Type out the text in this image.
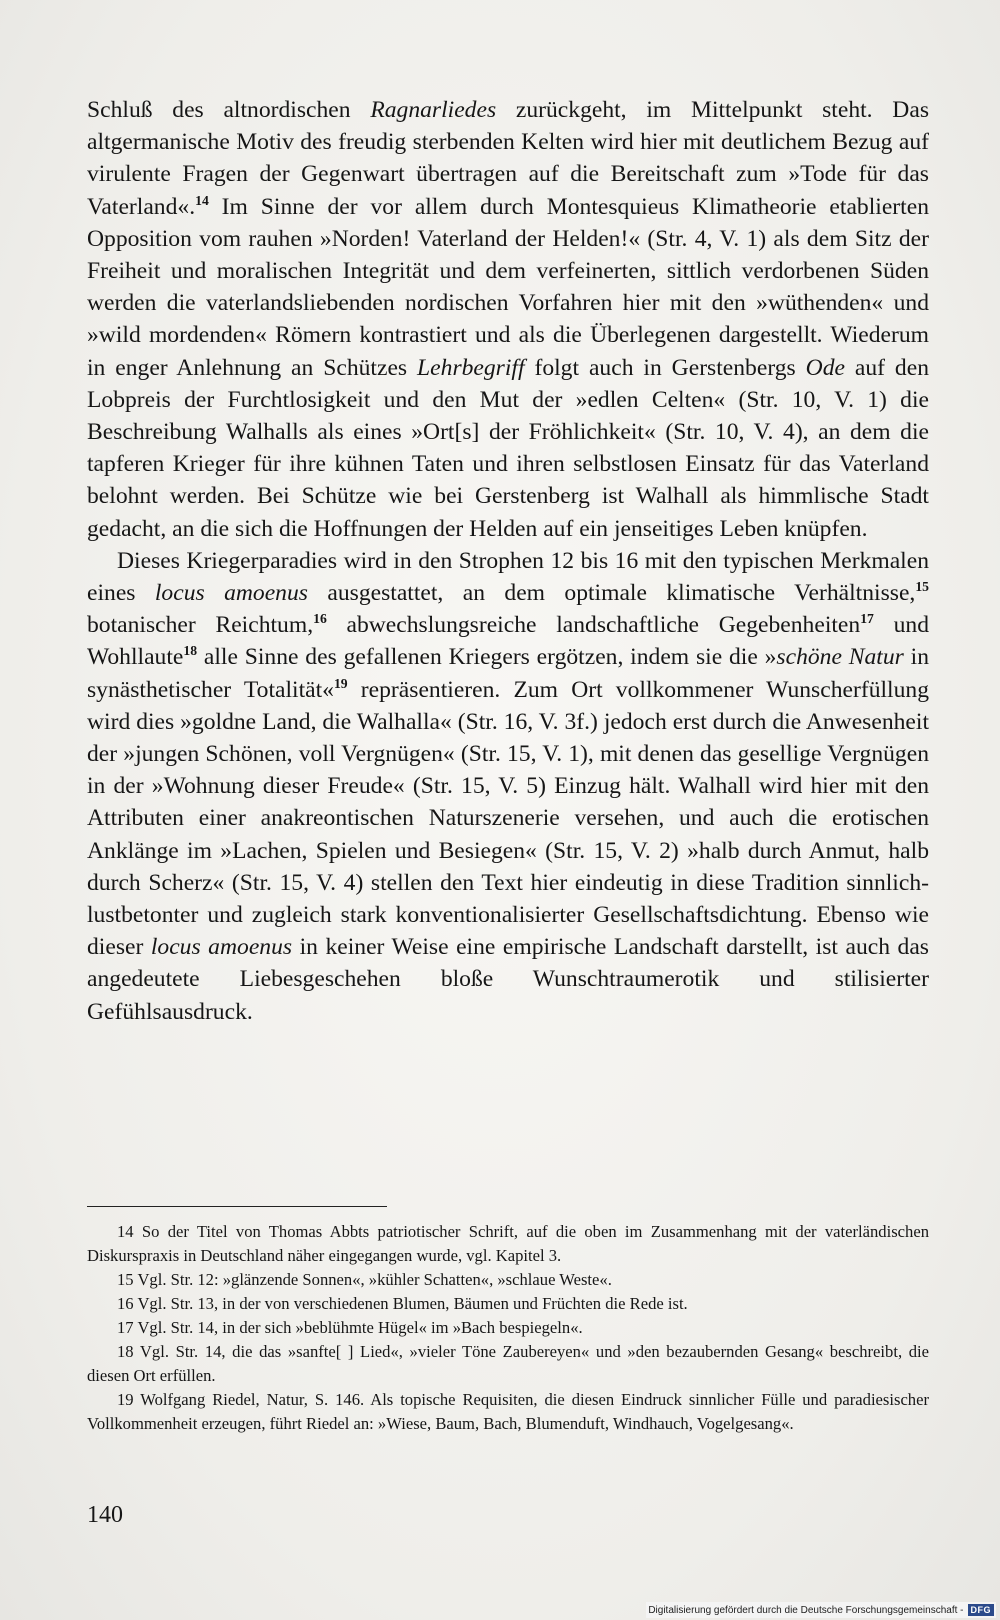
Schluß des altnordischen Ragnarliedes zurückgeht, im Mittelpunkt steht. Das altgermanische Motiv des freudig sterbenden Kelten wird hier mit deutlichem Bezug auf virulente Fragen der Gegenwart übertragen auf die Bereitschaft zum »Tode für das Vaterland«.$^{14}$ Im Sinne der vor allem durch Montesquieus Klimatheorie etablierten Opposition vom rauhen »Norden! Vaterland der Helden!« (Str. 4, V. 1) als dem Sitz der Freiheit und moralischen Integrität und dem verfeinerten, sittlich verdorbenen Süden werden die vaterlandsliebenden nordischen Vorfahren hier mit den »wüthenden« und »wild mordenden« Römern kontrastiert und als die Überlegenen dargestellt. Wiederum in enger Anlehnung an Schützes Lehrbegriff folgt auch in Gerstenbergs Ode auf den Lobpreis der Furchtlosigkeit und den Mut der »edlen Celten« (Str. 10, V. 1) die Beschreibung Walhalls als eines »Ort[s] der Fröhlichkeit« (Str. 10, V. 4), an dem die tapferen Krieger für ihre kühnen Taten und ihren selbstlosen Einsatz für das Vaterland belohnt werden. Bei Schütze wie bei Gerstenberg ist Walhall als himmlische Stadt gedacht, an die sich die Hoffnungen der Helden auf ein jenseitiges Leben knüpfen.

Dieses Kriegerparadies wird in den Strophen 12 bis 16 mit den typischen Merkmalen eines locus amoenus ausgestattet, an dem optimale klimatische Verhältnisse,$^{15}$ botanischer Reichtum,$^{16}$ abwechslungsreiche landschaftliche Gegebenheiten$^{17}$ und Wohllaute$^{18}$ alle Sinne des gefallenen Kriegers ergötzen, indem sie die »schöne Natur in synästhetischer Totalität«$^{19}$ repräsentieren. Zum Ort vollkommener Wunscherfüllung wird dies »goldne Land, die Walhalla« (Str. 16, V. 3f.) jedoch erst durch die Anwesenheit der »jungen Schönen, voll Vergnügen« (Str. 15, V. 1), mit denen das gesellige Vergnügen in der »Wohnung dieser Freude« (Str. 15, V. 5) Einzug hält. Walhall wird hier mit den Attributen einer anakreontischen Naturszenerie versehen, und auch die erotischen Anklänge im »Lachen, Spielen und Besiegen« (Str. 15, V. 2) »halb durch Anmut, halb durch Scherz« (Str. 15, V. 4) stellen den Text hier eindeutig in diese Tradition sinnlich-lustbetonter und zugleich stark konventionalisierter Gesellschaftsdichtung. Ebenso wie dieser locus amoenus in keiner Weise eine empirische Landschaft darstellt, ist auch das angedeutete Liebesgeschehen bloße Wunschtraumerotik und stilisierter Gefühlsausdruck.

14 So der Titel von Thomas Abbts patriotischer Schrift, auf die oben im Zusammenhang mit der vaterländischen Diskurspraxis in Deutschland näher eingegangen wurde, vgl. Kapitel 3.

15 Vgl. Str. 12: »glänzende Sonnen«, »kühler Schatten«, »schlaue Weste«.

16 Vgl. Str. 13, in der von verschiedenen Blumen, Bäumen und Früchten die Rede ist.

17 Vgl. Str. 14, in der sich »beblühmte Hügel« im »Bach bespiegeln«.

18 Vgl. Str. 14, die das »sanfte[ ] Lied«, »vieler Töne Zaubereyen« und »den bezaubernden Gesang« beschreibt, die diesen Ort erfüllen.

19 Wolfgang Riedel, Natur, S. 146. Als topische Requisiten, die diesen Eindruck sinnlicher Fülle und paradiesischer Vollkommenheit erzeugen, führt Riedel an: »Wiese, Baum, Bach, Blumenduft, Windhauch, Vogelgesang«.

140
Digitalisierung gefördert durch die Deutsche Forschungsgemeinschaft - DFG
